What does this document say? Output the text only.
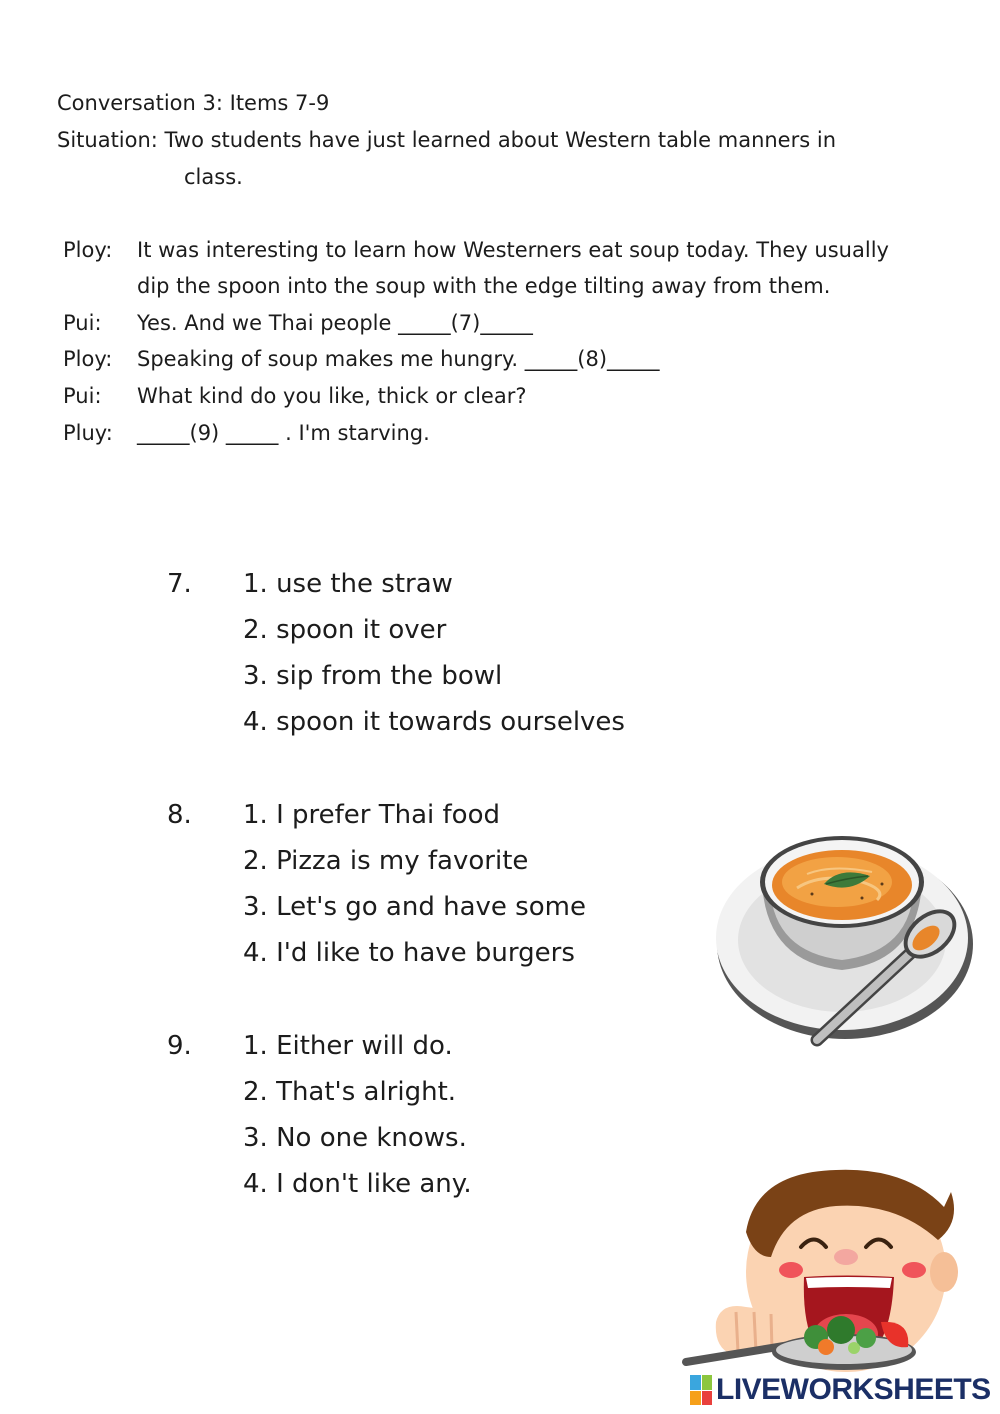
Conversation 3: Items 7-9
Situation: Two students have just learned about Western table manners in
class.
Ploy: It was interesting to learn how Westerners eat soup today. They usually
dip the spoon into the soup with the edge tilting away from them.
Pui: Yes. And we Thai people _____(7)_____
Ploy: Speaking of soup makes me hungry. _____(8)_____
Pui: What kind do you like, thick or clear?
Pluy: _____(9) _____ . I'm starving.
7. 1. use the straw
2. spoon it over
3. sip from the bowl
4. spoon it towards ourselves
8. 1. I prefer Thai food
2. Pizza is my favorite
3. Let's go and have some
4. I'd like to have burgers
9. 1. Either will do.
2. That's alright.
3. No one knows.
4. I don't like any.
LIVEWORKSHEETS
